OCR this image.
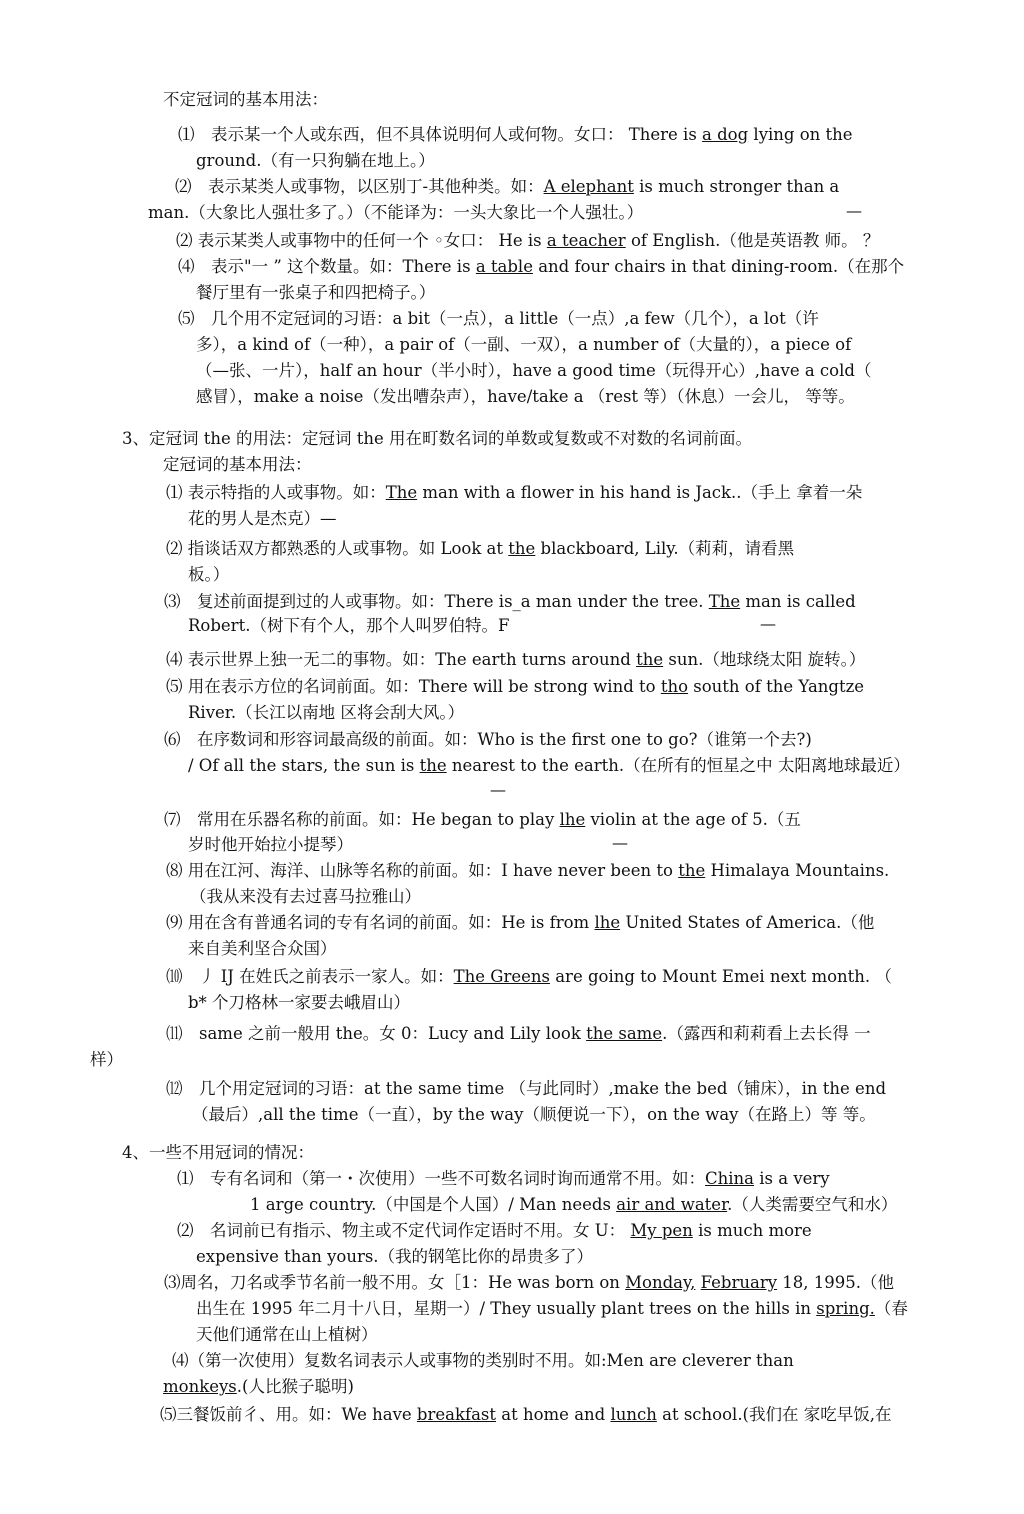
不定冠词的基本用法：
⑴　表示某一个人或东西，但不具体说明何人或何物。女口： There is a dog lying on the
ground.（有一只狗躺在地上。）
⑵　表示某类人或事物，以区别丁-其他种类。如：A elephant is much stronger than a
man.（大象比人强壮多了。）（不能译为：一头大象比一个人强壮。）
⑵ 表示某类人或事物中的任何一个 ◦女口： He is a teacher of English.（他是英语教 师。 ？
⑷　表示"一 ” 这个数量。如：There is a table and four chairs in that dining-room.（在那个
餐厅里有一张桌子和四把椅子。）
⑸　几个用不定冠词的习语：a bit（一点），a little（一点）,a few（几个），a lot（许
多），a kind of（一种），a pair of（一副、一双），a number of（大量的），a piece of
（—张、一片），half an hour（半小时），have a good time（玩得开心）,have a cold（
感冒），make a noise（发出嘈杂声），have/take a （rest 等）（休息）一会儿， 等等。
3、定冠词 the 的用法：定冠词 the 用在町数名词的单数或复数或不对数的名词前面。
定冠词的基本用法：
⑴ 表示特指的人或事物。如：The man with a flower in his hand is Jack..（手上 拿着一朵
花的男人是杰克）—
⑵ 指谈话双方都熟悉的人或事物。如 Look at the blackboard, Lily.（莉莉，请看黑
板。）
⑶　复述前面提到过的人或事物。如：There is_a man under the tree. The man is called
Robert.（树下有个人，那个人叫罗伯特。F
⑷ 表示世界上独一无二的事物。如：The earth turns around the sun.（地球绕太阳 旋转。）
⑸ 用在表示方位的名词前面。如：There will be strong wind to tho south of the Yangtze
River.（长江以南地 区将会刮大风。）
⑹　在序数词和形容词最高级的前面。如：Who is the first one to go?（谁第一个去?)
/ Of all the stars, the sun is the nearest to the earth.（在所有的恒星之中 太阳离地球最近）
⑺　常用在乐器名称的前面。如：He began to play lhe violin at the age of 5.（五
岁时他开始拉小提琴）
⑻ 用在江河、海洋、山脉等名称的前面。如：I have never been to the Himalaya Mountains.
（我从来没有去过喜马拉雅山）
⑼ 用在含有普通名词的专有名词的前面。如：He is from lhe United States of America.（他
来自美利坚合众国）
⑽　丿 IJ 在姓氏之前表示一家人。如：The Greens are going to Mount Emei next month. （
b* 个刀格林一家要去峨眉山）
⑾　same 之前一般用 the。女 0：Lucy and Lily look the same.（露西和莉莉看上去长得 一
样）
⑿　几个用定冠词的习语：at the same time （与此同时）,make the bed（铺床），in the end
（最后）,all the time（一直），by the way（顺便说一下），on the way（在路上）等 等。
4、一些不用冠词的情况：
⑴　专有名词和（第一・次使用）一些不可数名词时询而通常不用。如：China is a very
1 arge country.（中国是个人国）/ Man needs air and water.（人类需要空气和水）
⑵　名词前已有指示、物主或不定代词作定语时不用。女 U： My pen is much more
expensive than yours.（我的钢笔比你的昂贵多了）
⑶周名，刀名或季节名前一般不用。女［1：He was born on Monday, February 18, 1995.（他
出生在 1995 年二月十八日，星期一）/ They usually plant trees on the hills in spring.（春
天他们通常在山上植树）
⑷（第一次使用）复数名词表示人或事物的类别时不用。如:Men are cleverer than
monkeys.(人比猴子聪明)
⑸三餐饭前彳、用。如：We have breakfast at home and lunch at school.(我们在 家吃早饭,在
—
—
—
—
